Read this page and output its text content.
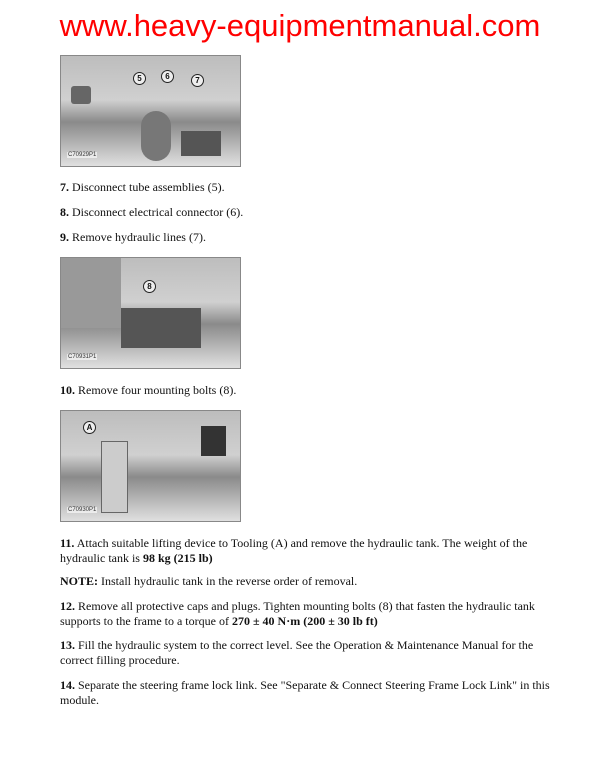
www.heavy-equipmentmanual.com
5	6	7
C70929P1
7. Disconnect tube assemblies (5).
8. Disconnect electrical connector (6).
9. Remove hydraulic lines (7).
8
C70931P1
10. Remove four mounting bolts (8).
A
C70930P1
11. Attach suitable lifting device to Tooling (A) and remove the hydraulic tank. The weight of the hydraulic tank is 98 kg (215 lb)
NOTE: Install hydraulic tank in the reverse order of removal.
12. Remove all protective caps and plugs. Tighten mounting bolts (8) that fasten the hydraulic tank supports to the frame to a torque of 270 ± 40 N·m (200 ± 30 lb ft)
13. Fill the hydraulic system to the correct level. See the Operation & Maintenance Manual for the correct filling procedure.
14. Separate the steering frame lock link. See "Separate & Connect Steering Frame Lock Link" in this module.
